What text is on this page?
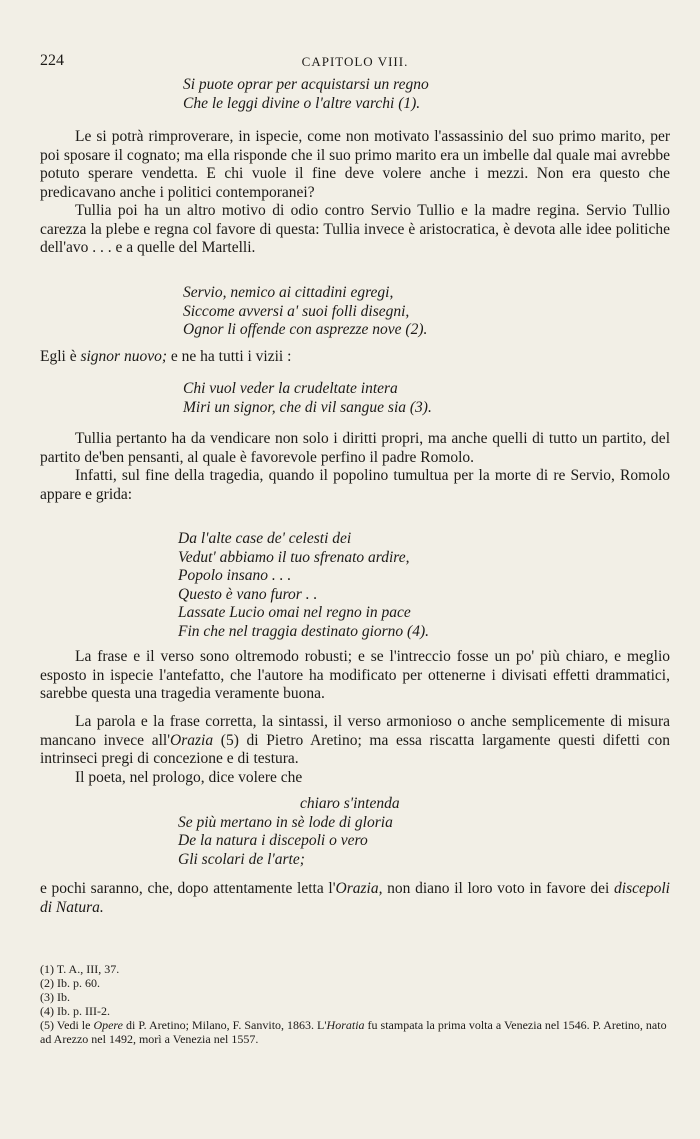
224	CAPITOLO VIII.
Si puote oprar per acquistarsi un regno
Che le leggi divine o l'altre varchi (1).

Le si potrà rimproverare, in ispecie, come non motivato l'assassinio del suo primo marito, per poi sposare il cognato; ma ella risponde che il suo primo marito era un imbelle dal quale mai avrebbe potuto sperare vendetta. E chi vuole il fine deve volere anche i mezzi. Non era questo che predicavano anche i politici contemporanei?

Tullia poi ha un altro motivo di odio contro Servio Tullio e la madre regina. Servio Tullio carezza la plebe e regna col favore di questa: Tullia invece è aristocratica, è devota alle idee politiche dell'avo . . . e a quelle del Martelli.

Servio, nemico ai cittadini egregi,
Siccome avversi a' suoi folli disegni,
Ognor li offende con asprezze nove (2).

Egli è signor nuovo; e ne ha tutti i vizii :

Chi vuol veder la crudeltate intera
Miri un signor, che di vil sangue sia (3).

Tullia pertanto ha da vendicare non solo i diritti propri, ma anche quelli di tutto un partito, del partito de'ben pensanti, al quale è favorevole perfino il padre Romolo.

Infatti, sul fine della tragedia, quando il popolino tumultua per la morte di re Servio, Romolo appare e grida:

Da l'alte case de' celesti dei
Vedut' abbiamo il tuo sfrenato ardire,
Popolo insano . . .
Questo è vano furor . .
Lassate Lucio omai nel regno in pace
Fin che nel traggia destinato giorno (4).

La frase e il verso sono oltremodo robusti; e se l'intreccio fosse un po' più chiaro, e meglio esposto in ispecie l'antefatto, che l'autore ha modificato per ottenerne i divisati effetti drammatici, sarebbe questa una tragedia veramente buona.

La parola e la frase corretta, la sintassi, il verso armonioso o anche semplicemente di misura mancano invece all'Orazia (5) di Pietro Aretino; ma essa riscatta largamente questi difetti con intrinseci pregi di concezione e di testura.

Il poeta, nel prologo, dice volere che

chiaro s'intenda
Se più mertano in sè lode di gloria
De la natura i discepoli o vero
Gli scolari de l'arte;

e pochi saranno, che, dopo attentamente letta l'Orazia, non diano il loro voto in favore dei discepoli di Natura.

(1) T. A., III, 37.
(2) Ib. p. 60.
(3) Ib.
(4) Ib. p. III-2.
(5) Vedi le Opere di P. Aretino; Milano, F. Sanvito, 1863. L'Horatia fu stampata la prima volta a Venezia nel 1546. P. Aretino, nato ad Arezzo nel 1492, morì a Venezia nel 1557.
